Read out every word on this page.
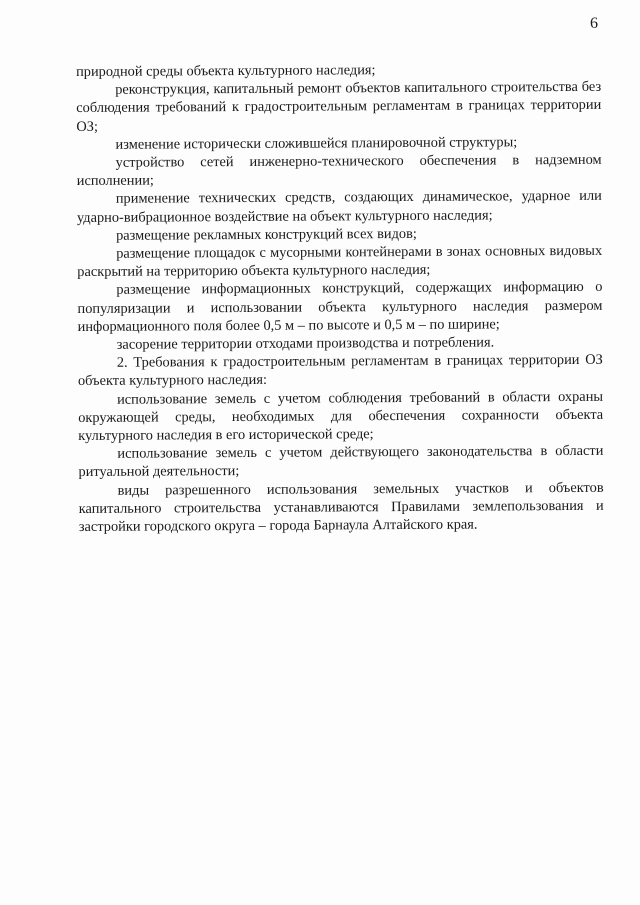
6

природной среды объекта культурного наследия;

реконструкция, капитальный ремонт объектов капитального строительства без соблюдения требований к градостроительным регламентам в границах территории ОЗ;

изменение исторически сложившейся планировочной структуры;

устройство сетей инженерно-технического обеспечения в надземном исполнении;

применение технических средств, создающих динамическое, ударное или ударно-вибрационное воздействие на объект культурного наследия;

размещение рекламных конструкций всех видов;

размещение площадок с мусорными контейнерами в зонах основных видовых раскрытий на территорию объекта культурного наследия;

размещение информационных конструкций, содержащих информацию о популяризации и использовании объекта культурного наследия размером информационного поля более 0,5 м – по высоте и 0,5 м – по ширине;

засорение территории отходами производства и потребления.

2. Требования к градостроительным регламентам в границах территории ОЗ объекта культурного наследия:

использование земель с учетом соблюдения требований в области охраны окружающей среды, необходимых для обеспечения сохранности объекта культурного наследия в его исторической среде;

использование земель с учетом действующего законодательства в области ритуальной деятельности;

виды разрешенного использования земельных участков и объектов капитального строительства устанавливаются Правилами землепользования и застройки городского округа – города Барнаула Алтайского края.
